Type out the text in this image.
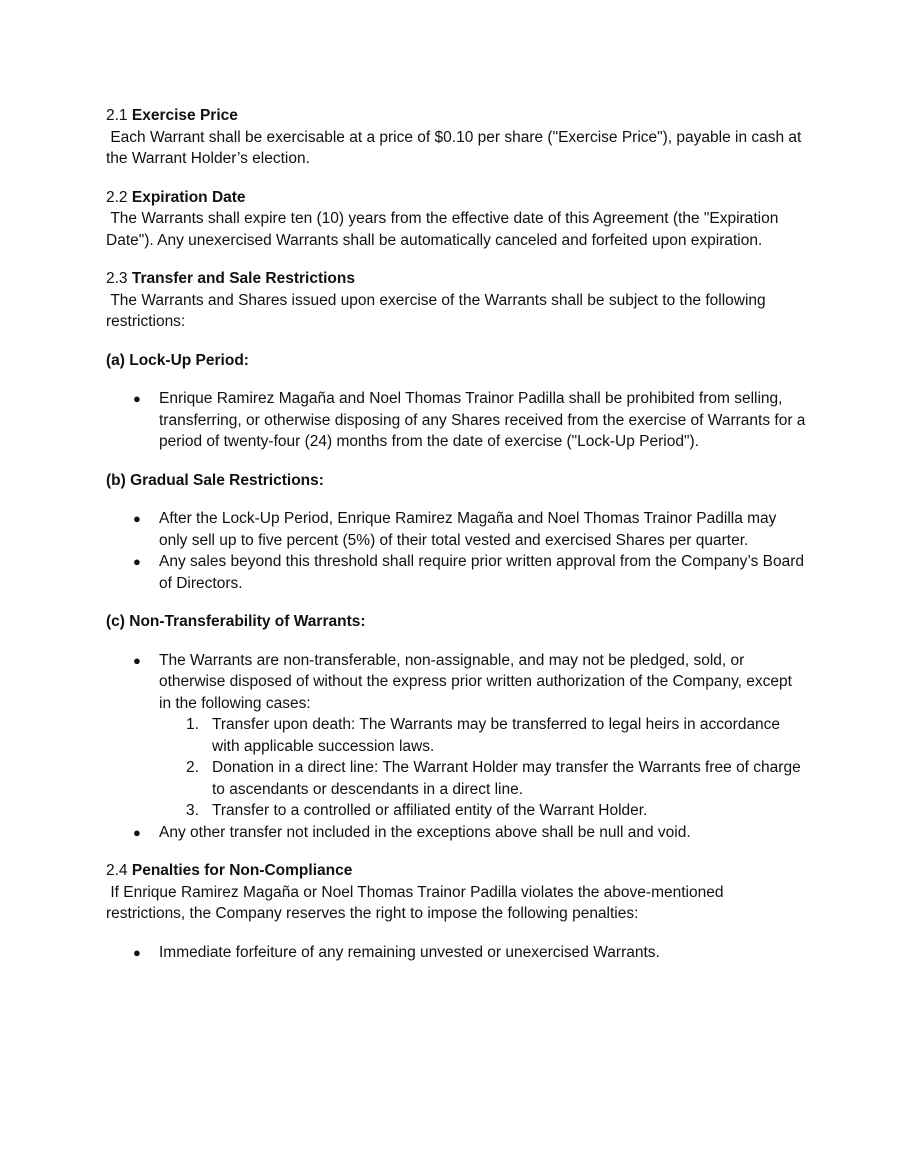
2.1 Exercise Price

Each Warrant shall be exercisable at a price of $0.10 per share ("Exercise Price"), payable in cash at the Warrant Holder’s election.

2.2 Expiration Date

The Warrants shall expire ten (10) years from the effective date of this Agreement (the "Expiration Date"). Any unexercised Warrants shall be automatically canceled and forfeited upon expiration.

2.3 Transfer and Sale Restrictions

The Warrants and Shares issued upon exercise of the Warrants shall be subject to the following restrictions:

(a) Lock-Up Period:

● Enrique Ramirez Magaña and Noel Thomas Trainor Padilla shall be prohibited from selling, transferring, or otherwise disposing of any Shares received from the exercise of Warrants for a period of twenty-four (24) months from the date of exercise ("Lock-Up Period").

(b) Gradual Sale Restrictions:

● After the Lock-Up Period, Enrique Ramirez Magaña and Noel Thomas Trainor Padilla may only sell up to five percent (5%) of their total vested and exercised Shares per quarter.
● Any sales beyond this threshold shall require prior written approval from the Company’s Board of Directors.

(c) Non-Transferability of Warrants:

● The Warrants are non-transferable, non-assignable, and may not be pledged, sold, or otherwise disposed of without the express prior written authorization of the Company, except in the following cases:
1. Transfer upon death: The Warrants may be transferred to legal heirs in accordance with applicable succession laws.
2. Donation in a direct line: The Warrant Holder may transfer the Warrants free of charge to ascendants or descendants in a direct line.
3. Transfer to a controlled or affiliated entity of the Warrant Holder.
● Any other transfer not included in the exceptions above shall be null and void.

2.4 Penalties for Non-Compliance

If Enrique Ramirez Magaña or Noel Thomas Trainor Padilla violates the above-mentioned restrictions, the Company reserves the right to impose the following penalties:

● Immediate forfeiture of any remaining unvested or unexercised Warrants.
